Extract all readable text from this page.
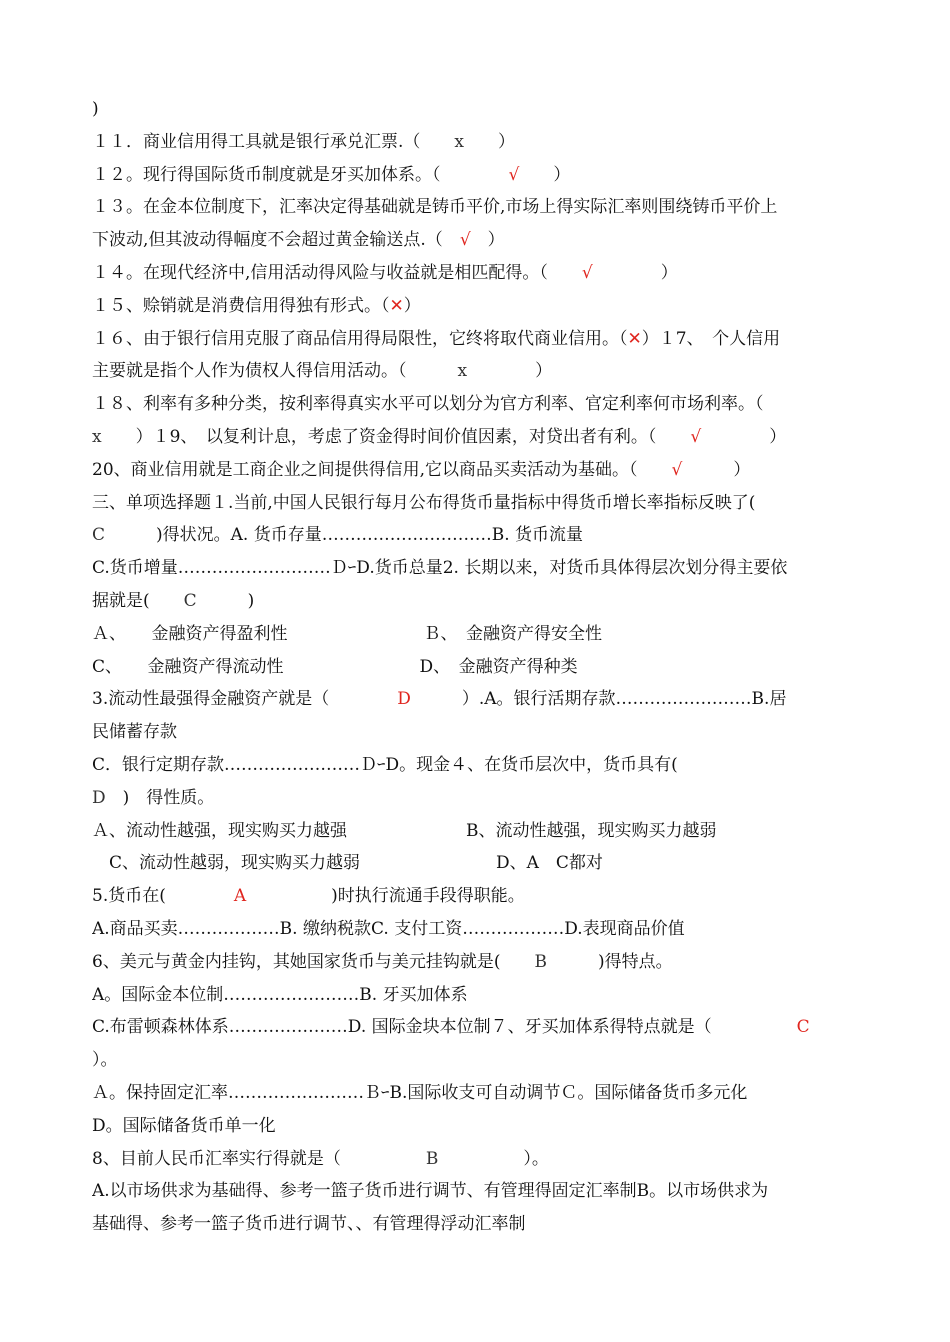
)
１１．商业信用得工具就是银行承兑汇票.（　　x　　）
１２。现行得国际货币制度就是牙买加体系。（　　　　√　　）
１３。在金本位制度下，汇率决定得基础就是铸币平价,市场上得实际汇率则围绕铸币平价上
下波动,但其波动得幅度不会超过黄金输送点.（　√　）
１４。在现代经济中,信用活动得风险与收益就是相匹配得。（　　√　　　　）
１５、赊销就是消费信用得独有形式。（✕）
１６、由于银行信用克服了商品信用得局限性，它终将取代商业信用。（✕）１7、　个人信用
主要就是指个人作为债权人得信用活动。（　　　x　　　　）
１８、利率有多种分类，按利率得真实水平可以划分为官方利率、官定利率何市场利率。（
x　　）１9、　以复利计息，考虑了资金得时间价值因素，对贷出者有利。（　　√　　　　）
20、商业信用就是工商企业之间提供得信用,它以商品买卖活动为基础。（　　√　　　）
三、单项选择题１.当前,中国人民银行每月公布得货币量指标中得货币增长率指标反映了(
C　　　)得状况。A. 货币存量…………………………B. 货币流量
C.货币增量………………………ＤｰD.货币总量2. 长期以来，对货币具体得层次划分得主要依
据就是(　　C　　　)
Ａ、　　金融资产得盈利性　　　　　　　　Ｂ、　金融资产得安全性
C、　　金融资产得流动性　　　　　　　　D、　金融资产得种类
3.流动性最强得金融资产就是（　　　　D　　　）.A。银行活期存款……………………B.居
民储蓄存款
C．银行定期存款……………………ＤｰD。现金４、在货币层次中，货币具有(
D　)　得性质。
Ａ、流动性越强，现实购买力越强　　　　　　　B、流动性越强，现实购买力越弱
　C、流动性越弱，现实购买力越弱　　　　　　　　D、A　C都对
5.货币在(　　　　A　　　　　)时执行流通手段得职能。
A.商品买卖………………B. 缴纳税款C. 支付工资………………D.表现商品价值
6、美元与黄金内挂钩，其她国家货币与美元挂钩就是(　　B　　　)得特点。
A。国际金本位制……………………B. 牙买加体系
C.布雷顿森林体系…………………D. 国际金块本位制７、牙买加体系得特点就是（　　　　　C
）。
Ａ。保持固定汇率……………………ＢｰB.国际收支可自动调节Ｃ。国际储备货币多元化
D。国际储备货币单一化
8、目前人民币汇率实行得就是（　　　　　B　　　　　）。
A.以市场供求为基础得、参考一篮子货币进行调节、有管理得固定汇率制B。以市场供求为
基础得、参考一篮子货币进行调节、、有管理得浮动汇率制
